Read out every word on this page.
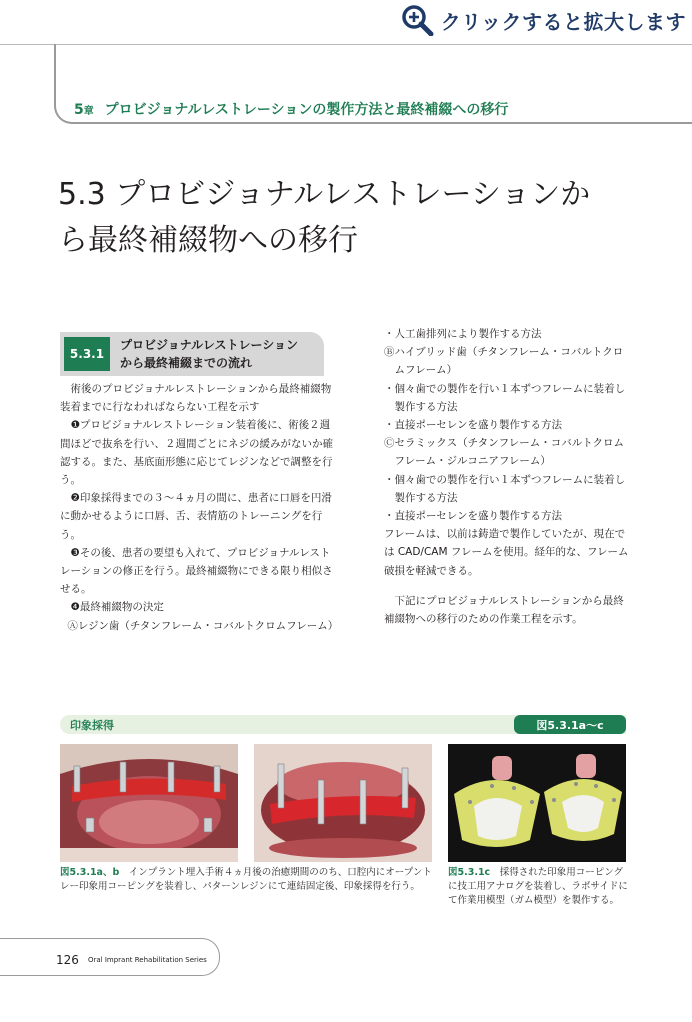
クリックすると拡大します
5章 プロビジョナルレストレーションの製作方法と最終補綴への移行
5.3 プロビジョナルレストレーションか
ら最終補綴物への移行
5.3.1
プロビジョナルレストレーション
から最終補綴までの流れ

術後のプロビジョナルレストレーションから最終補綴物装着までに行なわればならない工程を示す

❶プロビジョナルレストレーション装着後に、術後２週間ほどで抜糸を行い、２週間ごとにネジの緩みがないか確認する。また、基底面形態に応じてレジンなどで調整を行う。

❷印象採得までの３～４ヵ月の間に、患者に口唇を円滑に動かせるように口唇、舌、表情筋のトレーニングを行う。

❸その後、患者の要望も入れて、プロビジョナルレストレーションの修正を行う。最終補綴物にできる限り相似させる。

❹最終補綴物の決定

Ⓐレジン歯（チタンフレーム・コバルトクロムフレーム）

・人工歯排列により製作する方法

Ⓑハイブリッド歯（チタンフレーム・コバルトクロムフレーム）

・個々歯での製作を行い１本ずつフレームに装着し製作する方法

・直接ポーセレンを盛り製作する方法

Ⓒセラミックス（チタンフレーム・コバルトクロムフレーム・ジルコニアフレーム）

・個々歯での製作を行い１本ずつフレームに装着し製作する方法

・直接ポーセレンを盛り製作する方法

フレームは、以前は鋳造で製作していたが、現在では CAD/CAM フレームを使用。経年的な、フレーム破損を軽減できる。

下記にプロビジョナルレストレーションから最終補綴物への移行のための作業工程を示す。

印象採得	図5.3.1a～c
図5.3.1a、b　インプラント埋入手術４ヵ月後の治癒期間ののち、口腔内にオープントレー印象用コーピングを装着し、パターンレジンにて連結固定後、印象採得を行う。
図5.3.1c　採得された印象用コーピングに技工用アナログを装着し、ラボサイドにて作業用模型（ガム模型）を製作する。
126 Oral Imprant Rehabilitation Series
